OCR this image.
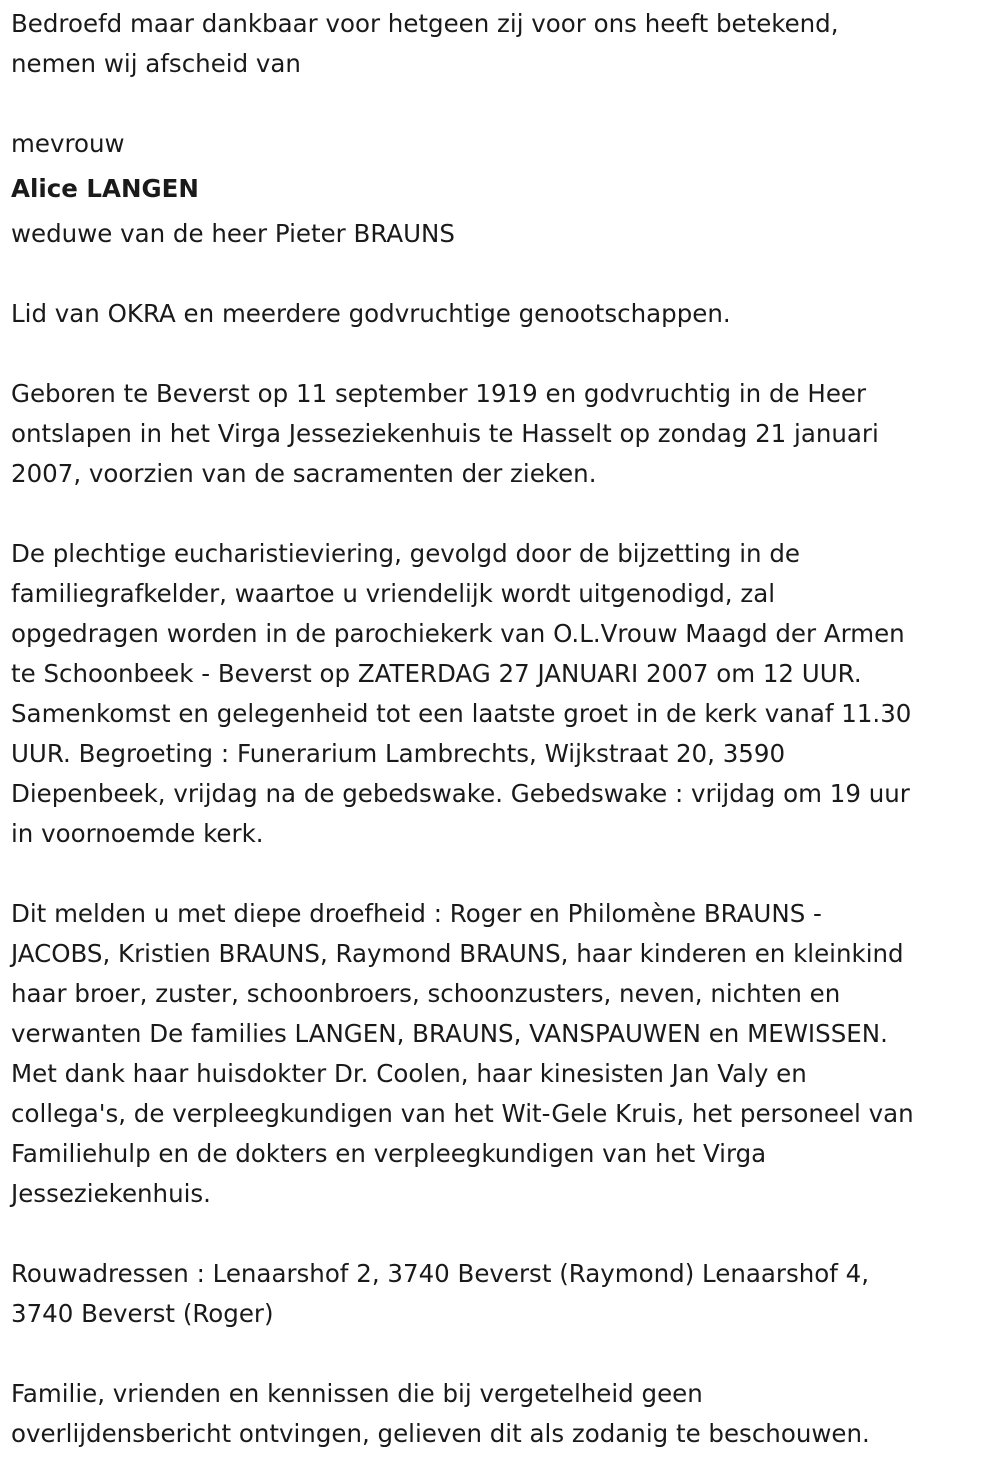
Bedroefd maar dankbaar voor hetgeen zij voor ons heeft betekend,
nemen wij afscheid van
mevrouw
Alice LANGEN
weduwe van de heer Pieter BRAUNS
Lid van OKRA en meerdere godvruchtige genootschappen.
Geboren te Beverst op 11 september 1919 en godvruchtig in de Heer
ontslapen in het Virga Jesseziekenhuis te Hasselt op zondag 21 januari
2007, voorzien van de sacramenten der zieken.
De plechtige eucharistieviering, gevolgd door de bijzetting in de
familiegrafkelder, waartoe u vriendelijk wordt uitgenodigd, zal
opgedragen worden in de parochiekerk van O.L.Vrouw Maagd der Armen
te Schoonbeek - Beverst op ZATERDAG 27 JANUARI 2007 om 12 UUR.
Samenkomst en gelegenheid tot een laatste groet in de kerk vanaf 11.30
UUR. Begroeting : Funerarium Lambrechts, Wijkstraat 20, 3590
Diepenbeek, vrijdag na de gebedswake. Gebedswake : vrijdag om 19 uur
in voornoemde kerk.
Dit melden u met diepe droefheid : Roger en Philomène BRAUNS -
JACOBS, Kristien BRAUNS, Raymond BRAUNS, haar kinderen en kleinkind
haar broer, zuster, schoonbroers, schoonzusters, neven, nichten en
verwanten De families LANGEN, BRAUNS, VANSPAUWEN en MEWISSEN.
Met dank haar huisdokter Dr. Coolen, haar kinesisten Jan Valy en
collega's, de verpleegkundigen van het Wit-Gele Kruis, het personeel van
Familiehulp en de dokters en verpleegkundigen van het Virga
Jesseziekenhuis.
Rouwadressen : Lenaarshof 2, 3740 Beverst (Raymond) Lenaarshof 4,
3740 Beverst (Roger)
Familie, vrienden en kennissen die bij vergetelheid geen
overlijdensbericht ontvingen, gelieven dit als zodanig te beschouwen.
